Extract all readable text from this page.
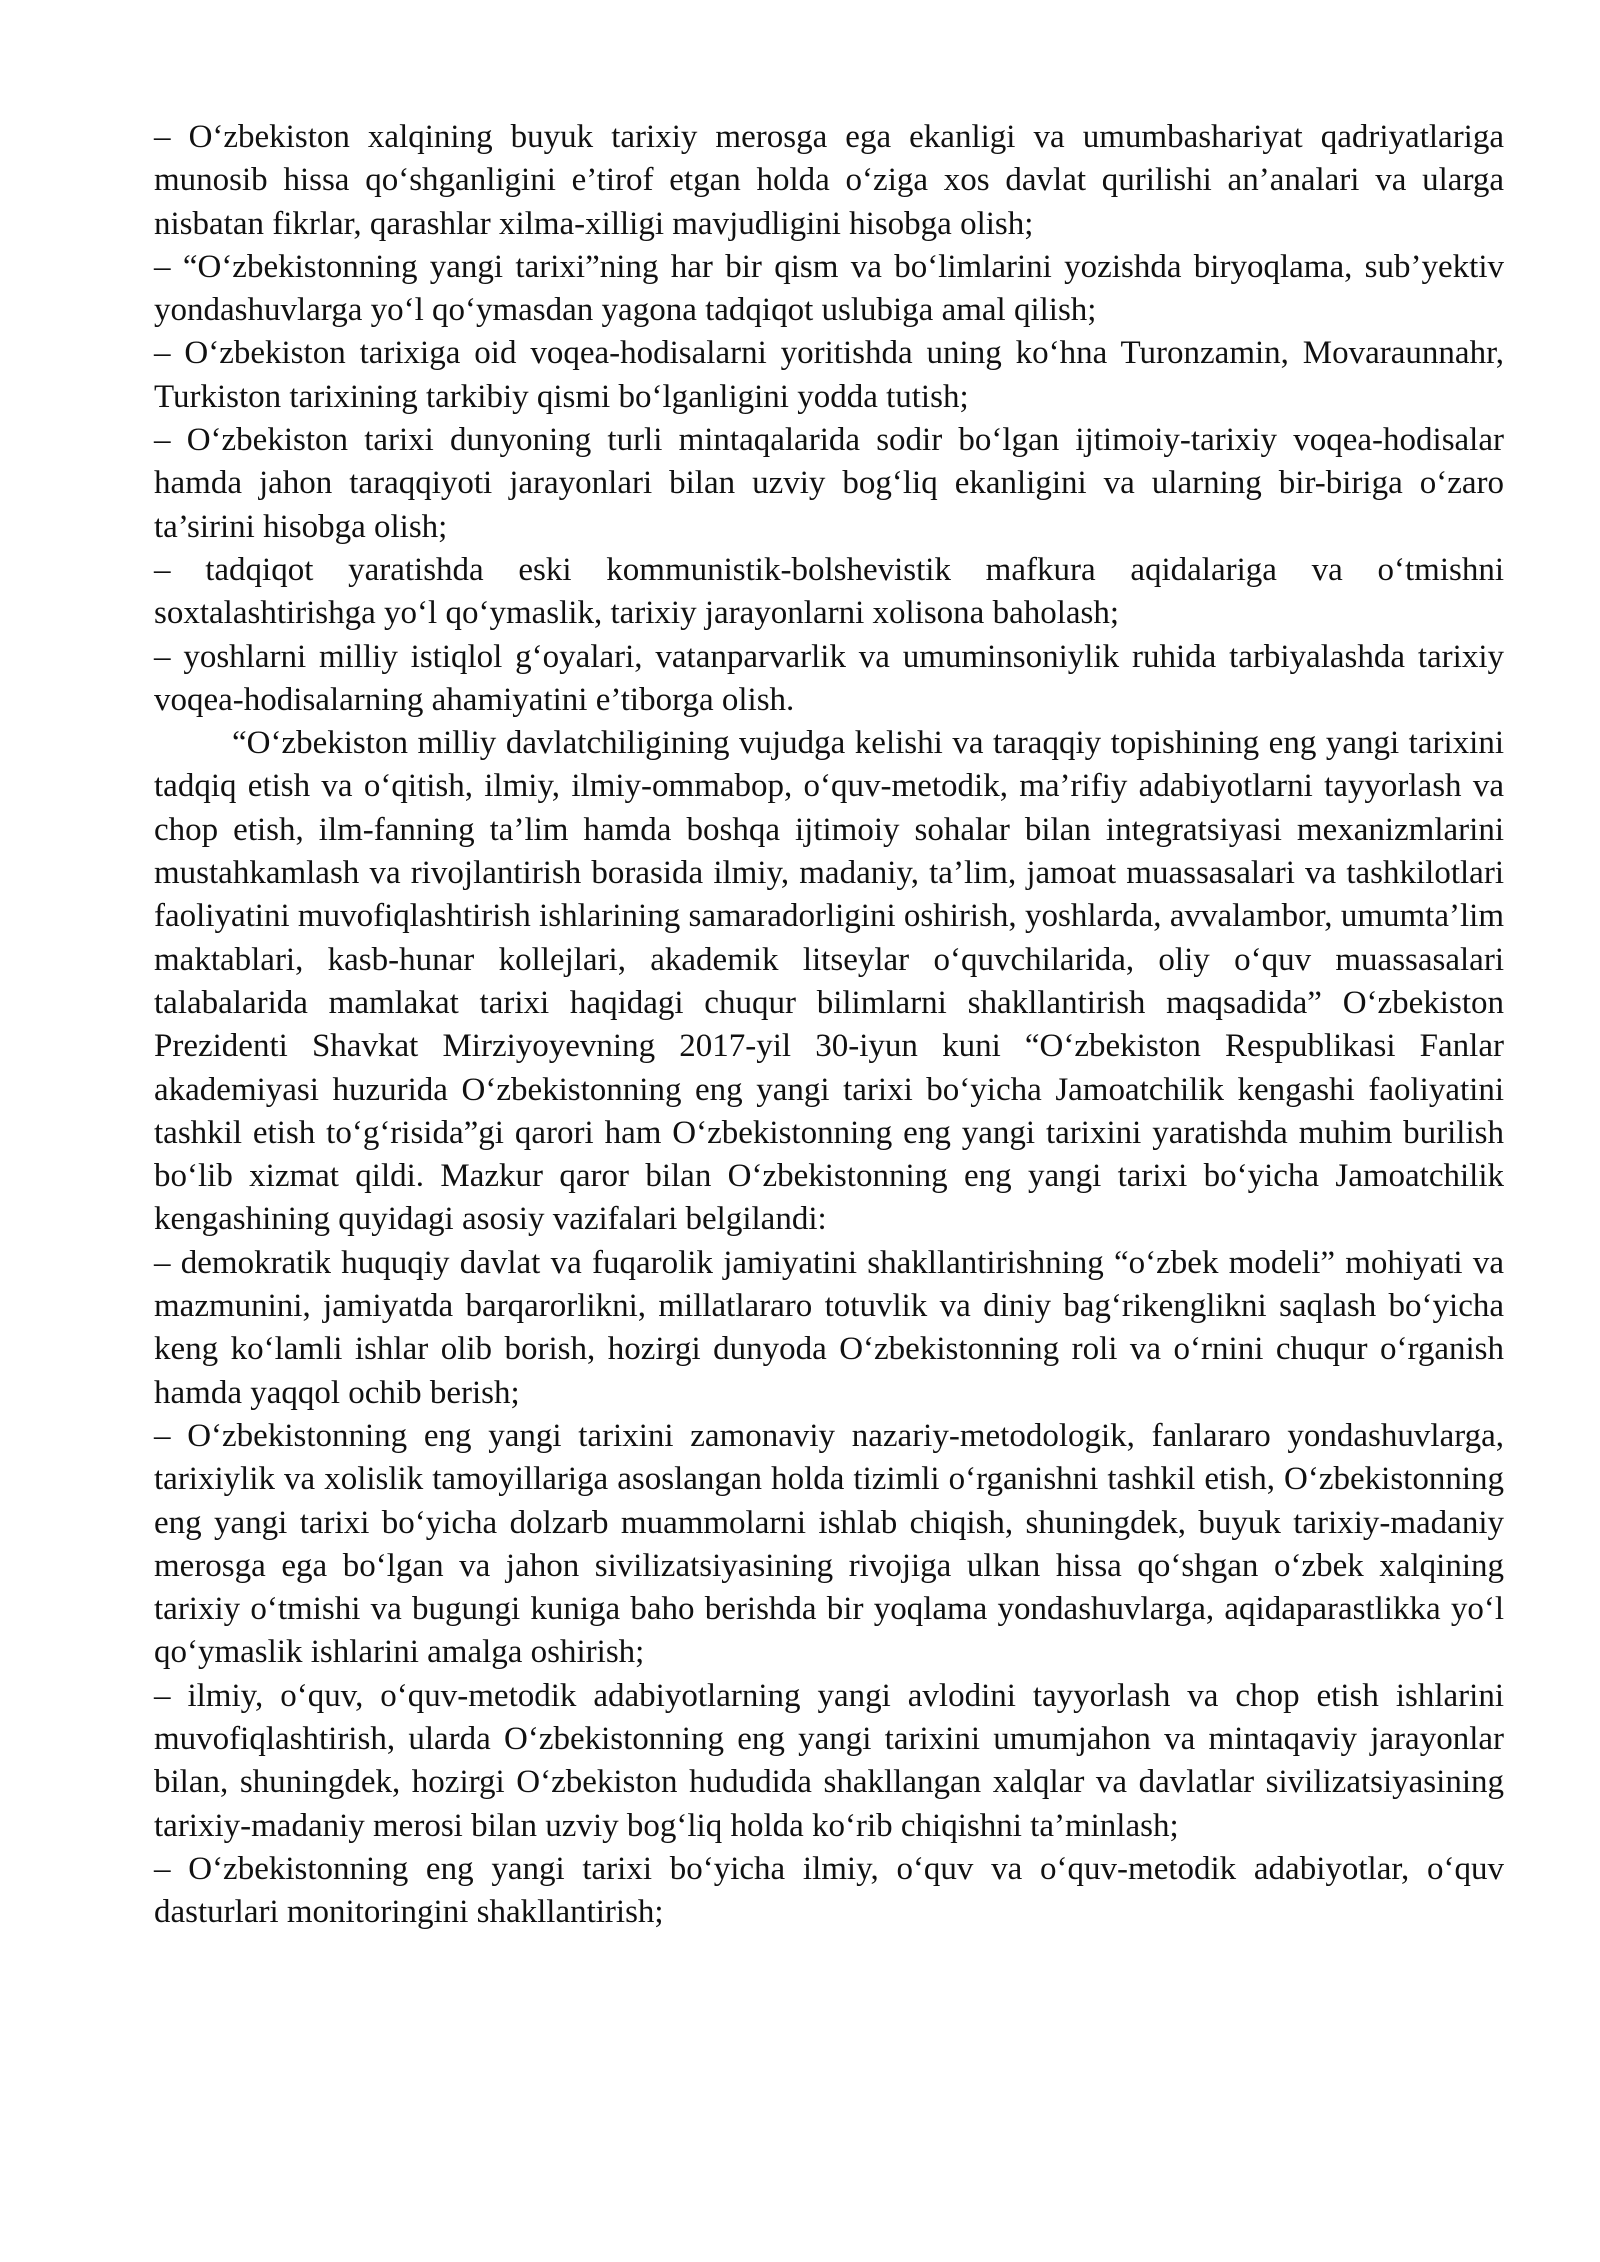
– O‘zbekiston xalqining buyuk tarixiy merosga ega ekanligi va umumbashariyat qadriyatlariga munosib hissa qo‘shganligini e’tirof etgan holda o‘ziga xos davlat qurilishi an’analari va ularga nisbatan fikrlar, qarashlar xilma-xilligi mavjudligini hisobga olish;

– “O‘zbekistonning yangi tarixi”ning har bir qism va bo‘limlarini yozishda biryoqlama, sub’yektiv yondashuvlarga yo‘l qo‘ymasdan yagona tadqiqot uslubiga amal qilish;

– O‘zbekiston tarixiga oid voqea-hodisalarni yoritishda uning ko‘hna Turonzamin, Movaraunnahr, Turkiston tarixining tarkibiy qismi bo‘lganligini yodda tutish;

– O‘zbekiston tarixi dunyoning turli mintaqalarida sodir bo‘lgan ijtimoiy-tarixiy voqea-hodisalar hamda jahon taraqqiyoti jarayonlari bilan uzviy bog‘liq ekanligini va ularning bir-biriga o‘zaro ta’sirini hisobga olish;

– tadqiqot yaratishda eski kommunistik-bolshevistik mafkura aqidalariga va o‘tmishni soxtalashtirishga yo‘l qo‘ymaslik, tarixiy jarayonlarni xolisona baholash;

– yoshlarni milliy istiqlol g‘oyalari, vatanparvarlik va umuminsoniylik ruhida tarbiyalashda tarixiy voqea-hodisalarning ahamiyatini e’tiborga olish.

“O‘zbekiston milliy davlatchiligining vujudga kelishi va taraqqiy topishining eng yangi tarixini tadqiq etish va o‘qitish, ilmiy, ilmiy-ommabop, o‘quv-metodik, ma’rifiy adabiyotlarni tayyorlash va chop etish, ilm-fanning ta’lim hamda boshqa ijtimoiy sohalar bilan integratsiyasi mexanizmlarini mustahkamlash va rivojlantirish borasida ilmiy, madaniy, ta’lim, jamoat muassasalari va tashkilotlari faoliyatini muvofiqlashtirish ishlarining samaradorligini oshirish, yoshlarda, avvalambor, umumta’lim maktablari, kasb-hunar kollejlari, akademik litseylar o‘quvchilarida, oliy o‘quv muassasalari talabalarida mamlakat tarixi haqidagi chuqur bilimlarni shakllantirish maqsadida” O‘zbekiston Prezidenti Shavkat Mirziyoyevning 2017-yil 30-iyun kuni “O‘zbekiston Respublikasi Fanlar akademiyasi huzurida O‘zbekistonning eng yangi tarixi bo‘yicha Jamoatchilik kengashi faoliyatini tashkil etish to‘g‘risida”gi qarori ham O‘zbekistonning eng yangi tarixini yaratishda muhim burilish bo‘lib xizmat qildi. Mazkur qaror bilan O‘zbekistonning eng yangi tarixi bo‘yicha Jamoatchilik kengashining quyidagi asosiy vazifalari belgilandi:

– demokratik huquqiy davlat va fuqarolik jamiyatini shakllantirishning “o‘zbek modeli” mohiyati va mazmunini, jamiyatda barqarorlikni, millatlararo totuvlik va diniy bag‘rikenglikni saqlash bo‘yicha keng ko‘lamli ishlar olib borish, hozirgi dunyoda O‘zbekistonning roli va o‘rnini chuqur o‘rganish hamda yaqqol ochib berish;

– O‘zbekistonning eng yangi tarixini zamonaviy nazariy-metodologik, fanlararo yondashuvlarga, tarixiylik va xolislik tamoyillariga asoslangan holda tizimli o‘rganishni tashkil etish, O‘zbekistonning eng yangi tarixi bo‘yicha dolzarb muammolarni ishlab chiqish, shuningdek, buyuk tarixiy-madaniy merosga ega bo‘lgan va jahon sivilizatsiyasining rivojiga ulkan hissa qo‘shgan o‘zbek xalqining tarixiy o‘tmishi va bugungi kuniga baho berishda bir yoqlama yondashuvlarga, aqidaparastlikka yo‘l qo‘ymaslik ishlarini amalga oshirish;

– ilmiy, o‘quv, o‘quv-metodik adabiyotlarning yangi avlodini tayyorlash va chop etish ishlarini muvofiqlashtirish, ularda O‘zbekistonning eng yangi tarixini umumjahon va mintaqaviy jarayonlar bilan, shuningdek, hozirgi O‘zbekiston hududida shakllangan xalqlar va davlatlar sivilizatsiyasining tarixiy-madaniy merosi bilan uzviy bog‘liq holda ko‘rib chiqishni ta’minlash;

– O‘zbekistonning eng yangi tarixi bo‘yicha ilmiy, o‘quv va o‘quv-metodik adabiyotlar, o‘quv dasturlari monitoringini shakllantirish;
